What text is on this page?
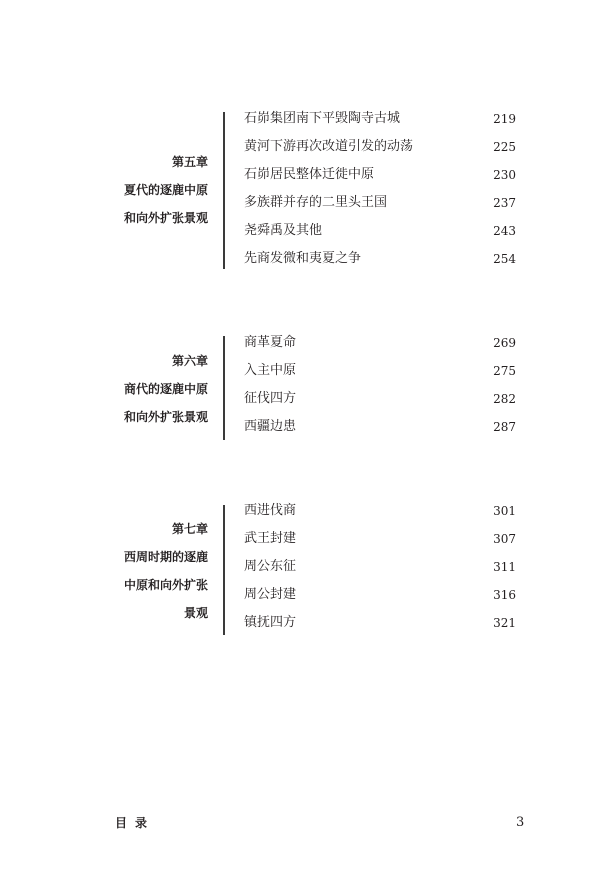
第五章
夏代的逐鹿中原
和向外扩张景观
石峁集团南下平毁陶寺古城	219
黄河下游再次改道引发的动荡	225
石峁居民整体迁徙中原	230
多族群并存的二里头王国	237
尧舜禹及其他	243
先商发微和夷夏之争	254
第六章
商代的逐鹿中原
和向外扩张景观
商革夏命	269
入主中原	275
征伐四方	282
西疆边患	287
第七章
西周时期的逐鹿
中原和向外扩张
景观
西进伐商	301
武王封建	307
周公东征	311
周公封建	316
镇抚四方	321
目录	3
